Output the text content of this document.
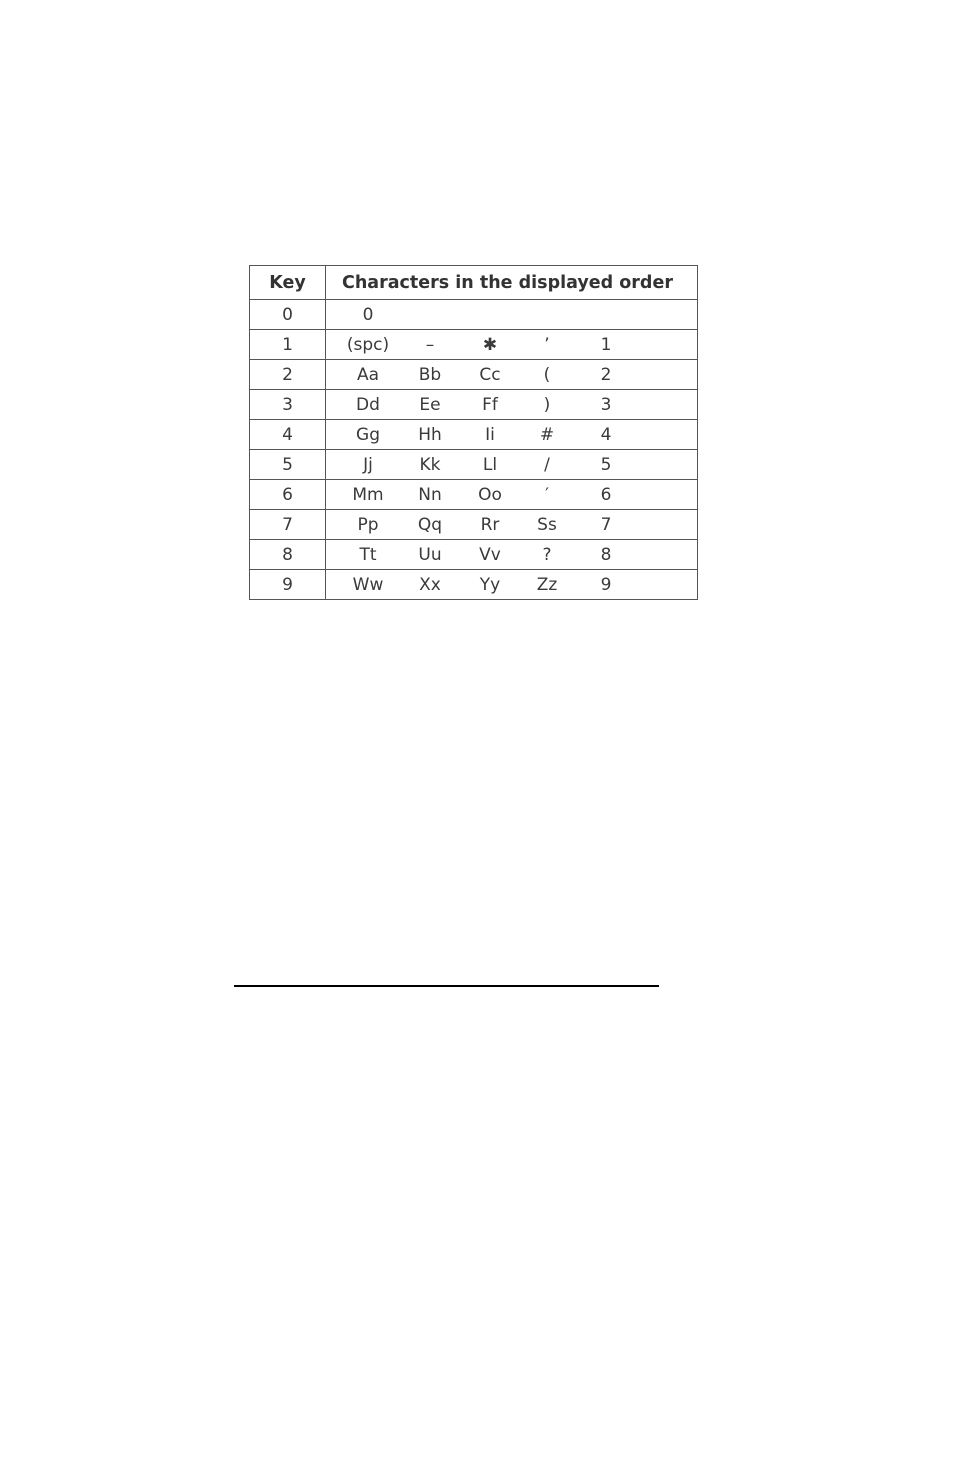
Key	Characters in the displayed order
0	0

1	(spc) – ✱ ’ 1

2	Aa Bb Cc ( 2

3	Dd Ee Ff ) 3

4	Gg Hh Ii # 4

5	Jj Kk Ll / 5

6	Mm Nn Oo ′ 6

7	Pp Qq Rr Ss 7

8	Tt Uu Vv ? 8

9	Ww Xx Yy Zz 9
